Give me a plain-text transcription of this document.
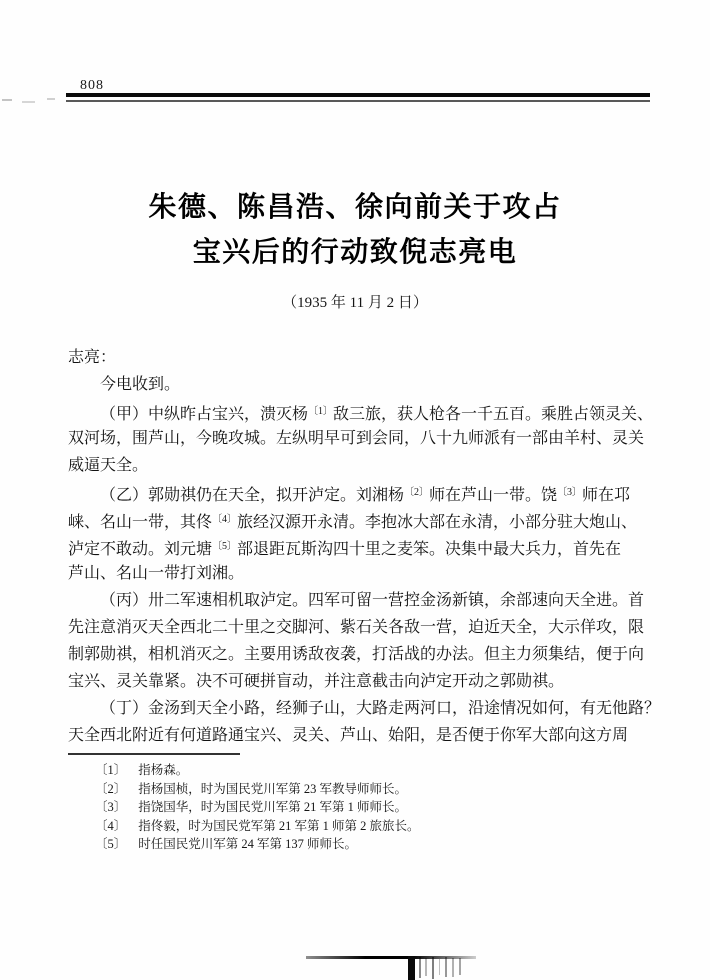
808
朱德、陈昌浩、徐向前关于攻占
宝兴后的行动致倪志亮电
（1935 年 11 月 2 日）
志亮：
今电收到。
（甲）中纵昨占宝兴，溃灭杨$^{〔1〕}$敌三旅，获人枪各一千五百。乘胜占领灵关、
双河场，围芦山，今晚攻城。左纵明早可到会同，八十九师派有一部由羊村、灵关
威逼天全。
（乙）郭勋祺仍在天全，拟开泸定。刘湘杨$^{〔2〕}$师在芦山一带。饶$^{〔3〕}$师在邛
崃、名山一带，其佟$^{〔4〕}$旅经汉源开永清。李抱冰大部在永清，小部分驻大炮山、
泸定不敢动。刘元塘$^{〔5〕}$部退距瓦斯沟四十里之麦笨。决集中最大兵力，首先在
芦山、名山一带打刘湘。
（丙）卅二军速相机取泸定。四军可留一营控金汤新镇，余部速向天全进。首
先注意消灭天全西北二十里之交脚河、紫石关各敌一营，迫近天全，大示佯攻，限
制郭勋祺，相机消灭之。主要用诱敌夜袭，打活战的办法。但主力须集结，便于向
宝兴、灵关靠紧。决不可硬拼盲动，并注意截击向泸定开动之郭勋祺。
（丁）金汤到天全小路，经狮子山，大路走两河口，沿途情况如何，有无他路？
天全西北附近有何道路通宝兴、灵关、芦山、始阳，是否便于你军大部向这方周
〔1〕 指杨森。
〔2〕 指杨国桢，时为国民党川军第 23 军教导师师长。
〔3〕 指饶国华，时为国民党川军第 21 军第 1 师师长。
〔4〕 指佟毅，时为国民党军第 21 军第 1 师第 2 旅旅长。
〔5〕 时任国民党川军第 24 军第 137 师师长。
